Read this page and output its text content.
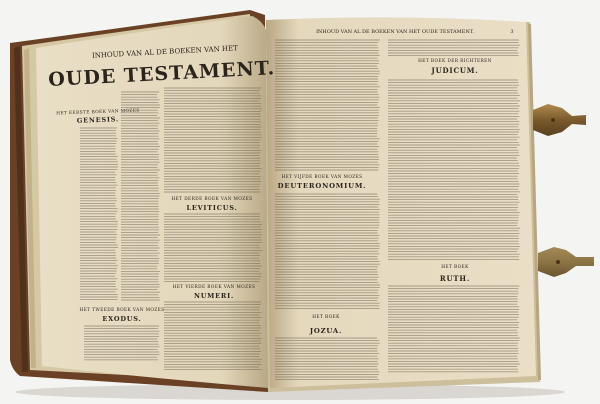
INHOUD VAN AL DE BOEKEN VAN HET
OUDE TESTAMENT.
HET EERSTE BOEK VAN MOZES
GENESIS.
HET TWEEDE BOEK VAN MOZES
EXODUS.
HET DERDE BOEK VAN MOZES
LEVITICUS.
HET VIERDE BOEK VAN MOZES
NUMERI.
INHOUD VAN AL DE BOEKEN VAN HET OUDE TESTAMENT.	3
HET VIJFDE BOEK VAN MOZES
DEUTERONOMIUM.
HET BOEK
JOZUA.
HET BOEK DER RICHTEREN
JUDICUM.
HET BOEK
RUTH.
